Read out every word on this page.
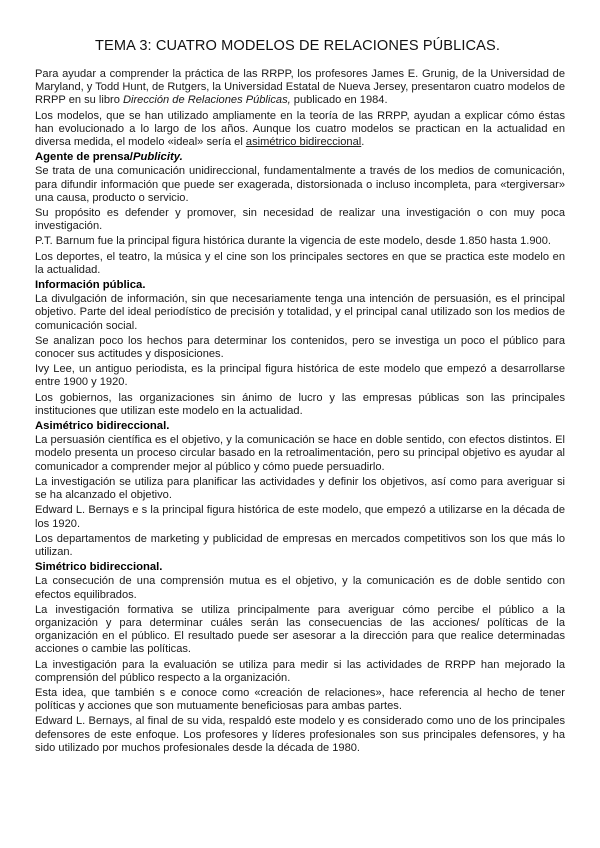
TEMA 3: CUATRO MODELOS DE RELACIONES PÚBLICAS.

Para ayudar a comprender la práctica de las RRPP, los profesores James E. Grunig, de la Universidad de Maryland, y Todd Hunt, de Rutgers, la Universidad Estatal de Nueva Jersey, presentaron cuatro modelos de RRPP en su libro Dirección de Relaciones Públicas, publicado en 1984.

Los modelos, que se han utilizado ampliamente en la teoría de las RRPP, ayudan a explicar cómo éstas han evolucionado a lo largo de los años. Aunque los cuatro modelos se practican en la actualidad en diversa medida, el modelo «ideal» sería el asimétrico bidireccional.

Agente de prensa/Publicity.

Se trata de una comunicación unidireccional, fundamentalmente a través de los medios de comunicación, para difundir información que puede ser exagerada, distorsionada o incluso incompleta, para «tergiversar» una causa, producto o servicio.

Su propósito es defender y promover, sin necesidad de realizar una investigación o con muy poca investigación.

P.T. Barnum fue la principal figura histórica durante la vigencia de este modelo, desde 1.850 hasta 1.900.

Los deportes, el teatro, la música y el cine son los principales sectores en que se practica este modelo en la actualidad.

Información pública.

La divulgación de información, sin que necesariamente tenga una intención de persuasión, es el principal objetivo. Parte del ideal periodístico de precisión y totalidad, y el principal canal utilizado son los medios de comunicación social.

Se analizan poco los hechos para determinar los contenidos, pero se investiga un poco el público para conocer sus actitudes y disposiciones.

Ivy Lee, un antiguo periodista, es la principal figura histórica de este modelo que empezó a desarrollarse entre 1900 y 1920.

Los gobiernos, las organizaciones sin ánimo de lucro y las empresas públicas son las principales instituciones que utilizan este modelo en la actualidad.

Asimétrico bidireccional.

La persuasión científica es el objetivo, y la comunicación se hace en doble sentido, con efectos distintos. El modelo presenta un proceso circular basado en la retroalimentación, pero su principal objetivo es ayudar al comunicador a comprender mejor al público y cómo puede persuadirlo.

La investigación se utiliza para planificar las actividades y definir los objetivos, así como para averiguar si se ha alcanzado el objetivo.

Edward L. Bernays e s la principal figura histórica de este modelo, que empezó a utilizarse en la década de los 1920.

Los departamentos de marketing y publicidad de empresas en mercados competitivos son los que más lo utilizan.

Simétrico bidireccional.

La consecución de una comprensión mutua es el objetivo, y la comunicación es de doble sentido con efectos equilibrados.

La investigación formativa se utiliza principalmente para averiguar cómo percibe el público a la organización y para determinar cuáles serán las consecuencias de las acciones/ políticas de la organización en el público. El resultado puede ser asesorar a la dirección para que realice determinadas acciones o cambie las políticas.

La investigación para la evaluación se utiliza para medir si las actividades de RRPP han mejorado la comprensión del público respecto a la organización.

Esta idea, que también s e conoce como «creación de relaciones», hace referencia al hecho de tener políticas y acciones que son mutuamente beneficiosas para ambas partes.

Edward L. Bernays, al final de su vida, respaldó este modelo y es considerado como uno de los principales defensores de este enfoque. Los profesores y líderes profesionales son sus principales defensores, y ha sido utilizado por muchos profesionales desde la década de 1980.
